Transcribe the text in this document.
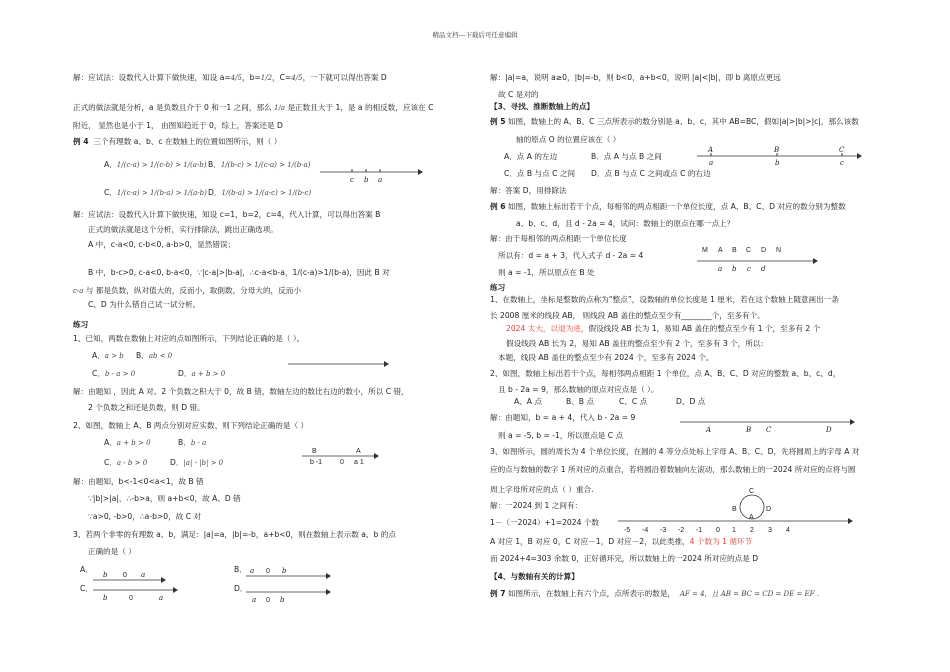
精品文档---下载后可任意编辑
解：应试法：设数代入计算下做快速，知设 a=4/5，b=1/2，C=4/5，一下就可以得出答案 D
正式的做法就是分析，a 是负数且介于 0 和一1 之间，那么 1/a 是正数且大于 1，是 a 的相反数，应该在 C
附近， 显然也是小于 1， 由图知趋近于 0，综上，答案还是 D
例 4 三个有理数 a、b、c 在数轴上的位置如图所示，则（ ）
A．1/(c-a) > 1/(c-b) > 1/(a-b) B．1/(b-c) > 1/(c-a) > 1/(b-a)
C．1/(c-a) > 1/(b-a) > 1/(a-b) D．1/(b-a) > 1/(a-c) > 1/(b-c)
c b a
解：应试法：设数代入计算下做快速，知设 c=1，b=2，c=4，代入计算，可以得出答案 B
正式的做法就是这个分析，实行排除法，跳出正确选项。
A 中，c-a<0, c-b<0, a-b>0，显然错误；
B 中，b-c>0, c-a<0, b-a<0，∵|c-a|>|b-a|，∴c-a<b-a，1/(c-a)>1/(b-a)，因此 B 对
c-a 与 都是负数，纵对值大的，反而小，取倒数，分母大的，反而小
C、D 为什么错自己试一试分析。
练习
1、已知，两数在数轴上对应的点如图所示，下列结论正确的是（ ）。
A．a > b B．ab < 0
C．b - a > 0	D．a + b > 0
解：由题知 ，因此 A 对。2 个负数之积大于 0，故 B 错，数轴左边的数比右边的数小，所以 C 错，
2 个负数之和还是负数，则 D 错。
2、如图，数轴上 A、B 两点分别对应实数、则下列结论正确的是（ ）
A．a + b > 0	B．b - a
C．a - b > 0	D．|a| - |b| > 0
B
b -1	0 a 1
A
解：由题知，b<-1<0<a<1，故 B 错
∵|b|>|a|，∴-b>a，则 a+b<0，故 A、D 错
∵a>0, -b>0，∴a-b>0，故 C 对
3、若两个非零的有理数 a、b，满足：|a|=a，|b|=-b，a+b<0，则在数轴上表示数 a、b 的点
正确的是（ ）
A．
b 0 a
C．
b	0	a
B． a 0 b
D．
a 0 b
解：|a|=a，说明 a≥0，|b|=-b，则 b<0，a+b<0，说明 |a|<|b|，即 b 离原点更远
故 C 是对的
【3、寻找、推断数轴上的点】
例 5 如图，数轴上的 A、B、C 三点所表示的数分别是 a、b、c，其中 AB=BC，假如|a|>|b|>|c|，那么该数
轴的原点 O 的位置应该在（ ）
A．点 A 的左边	B．点 A 与点 B 之间
C．点 B 与点 C 之间 D．点 B 与点 C 之间或点 C 的右边
A	B	C
a	b	c
解：答案 D，用排除法
例 6 如图，数轴上标出若干个点，每相邻的两点相距一个单位长度，点 A、B、C、D 对应的数分别为整数
a、b、c、d，且 d - 2a = 4，试问：数轴上的原点在哪一点上？
解：由于每相邻的两点相距一个单位长度
所以有：d = a + 3，代入式子 d - 2a = 4
则 a = -1，所以原点在 B 处
M A B C D N
a b c d
练习
1、在数轴上，坐标是整数的点称为“整点”，设数轴的单位长度是 1 厘米，若在这个数轴上随意画出一条
长 2008 厘米的线段 AB， 则线段 AB 盖住的整点至少有________个，至多有个。
2024 太大，以退为进，假设线段 AB 长为 1，易知 AB 盖住的整点至少有 1 个，至多有 2 个
假设线段 AB 长为 2，易知 AB 盖住的整点至少有 2 个，至多有 3 个，所以：
本题，线段 AB 盖住的整点至少有 2024 个，至多有 2024 个。
2、如图，数轴上标出若干个点，每相邻两点相距 1 个单位，点 A、B、C、D 对应的整数 a、b、c、d，
且 b - 2a = 9，那么数轴的原点对应点是（ ）。
A、A 点	B、B 点	C、C 点	D、D 点
A	B C	D
解：由题知，b = a + 4，代入 b - 2a = 9
则 a = -5, b = -1，所以原点是 C 点
3、如图所示，圆的周长为 4 个单位长度，在圆的 4 等分点处标上字母 A、B、C、D，先将圆周上的字母 A 对
应的点与数轴的数字 1 所对应的点重合，若将圆沿着数轴向左滚动，那么数轴上的一2024 所对应的点将与圆
周上字母所对应的点（ ）重合.
解：一2024 到 1 之间有：
1－（一2024）+1=2024 个数
C
B	D
A
-5 -4 -3 -2 -1 0 1 2 3 4
A 对应 1，B 对应 0，C 对应－1，D 对应－2，以此类推，4 个数为 1 循环节
而 2024+4=303 余数 0，正好循环完，所以数轴上的一2024 所对应的点是 D
【4、与数轴有关的计算】
例 7 如图所示，在数轴上有六个点，点所表示的数是， AF = 4，且 AB = BC = CD = DE = EF ．
